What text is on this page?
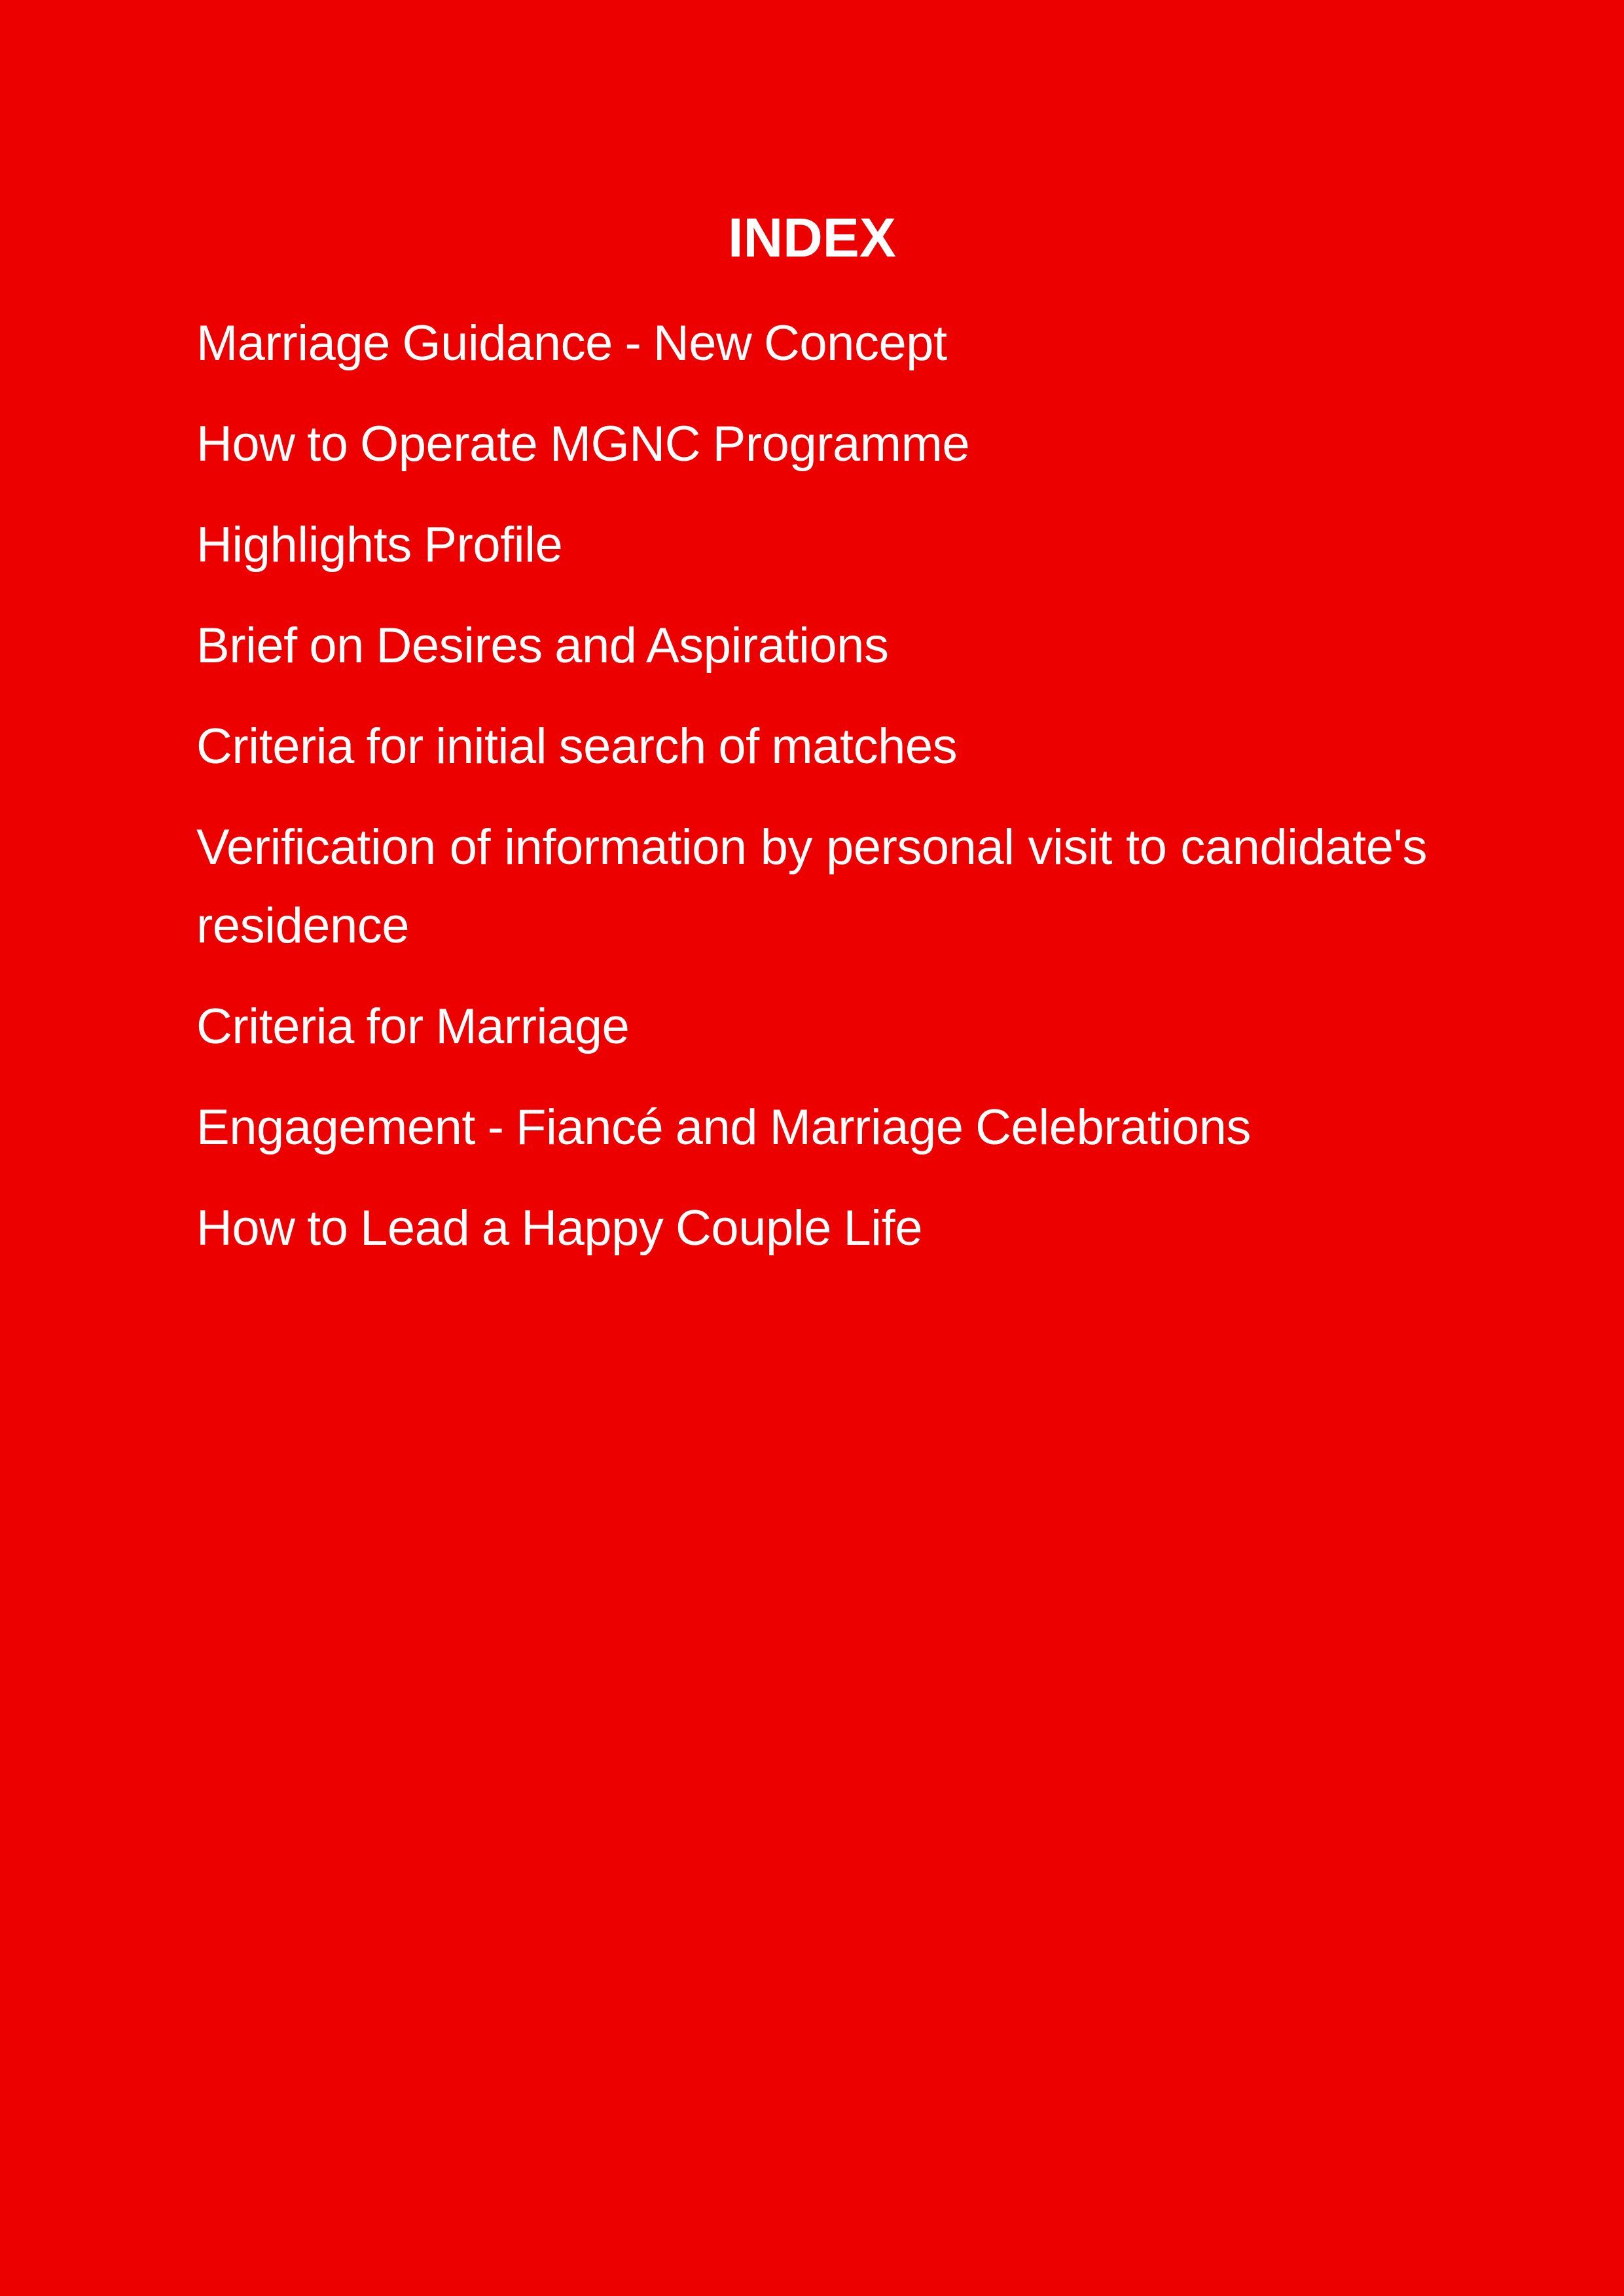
INDEX
Marriage Guidance - New Concept
How to Operate MGNC Programme
Highlights Profile
Brief on Desires and Aspirations
Criteria for initial search of matches
Verification of information by personal visit to candidate's residence
Criteria for Marriage
Engagement - Fiancé and Marriage Celebrations
How to Lead a Happy Couple Life
